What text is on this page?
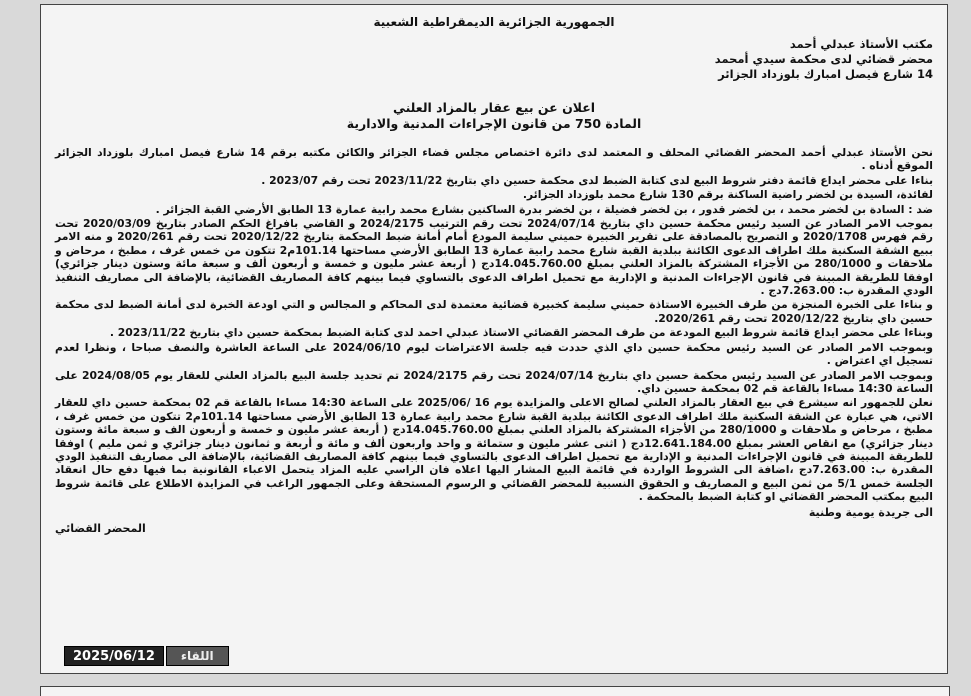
الجمهورية الجزائرية الديمقراطية الشعبية
مكتب الأستاذ عبدلي أحمد
محضر قضائي لدى محكمة سيدي أمحمد
14 شارع فيصل امبارك بلوزداد الجزائر
اعلان عن بيع عقار بالمزاد العلني
المادة 750 من قانون الإجراءات المدنية والادارية

نحن الأستاذ عبدلي أحمد المحضر القضائي المحلف و المعتمد لدى دائرة اختصاص مجلس قضاء الجزائر والكائن مكتبه برقم 14 شارع فيصل امبارك بلوزداد الجزائر الموقع أدناه .

بناءا على محضر ايداع قائمة دفتر شروط البيع لدى كتابة الضبط لدى محكمة حسين داي بتاريخ 2023/11/22 تحت رقم 2023/07 .

لفائدة، السيدة بن لخضر راضية الساكنة برقم 130 شارع محمد بلوزداد الجزائر.

ضد : السادة بن لخضر محمد ، بن لخضر قدور ، بن لخضر فضيلة ، بن لخضر بدرة الساكنين بشارع محمد رابية عمارة 13 الطابق الأرضي القبة الجزائر .

بموجب الامر الصادر عن السيد رئيس محكمة حسين داي بتاريخ 2024/07/14 تحت رقم الترتيب 2024/2175 و القاضي بافراغ الحكم الصادر بتاريخ 2020/03/09 تحت رقم فهرس 2020/1708 و التصريح بالمصادقة على تقرير الخبيرة حميني سليمة المودع أمام أمانة ضبط المحكمة بتاريخ 2020/12/22 تحت رقم 2020/261 و منه الامر ببيع الشقة السكنية ملك اطراف الدعوى الكائنة ببلدية القبة شارع محمد رابية عمارة 13 الطابق الأرضي مساحتها 101.14م2 تتكون من خمس غرف ، مطبخ ، مرحاض و ملاحقات و 280/1000 من الأجزاء المشتركة بالمزاد العلني بمبلغ 14.045.760.00دج ( أربعة عشر مليون و خمسة و أربعون ألف و سبعة مائة وستون دينار جزائري) اوفقا للطريقة المبينة في قانون الإجراءات المدنية و الإدارية مع تحميل اطراف الدعوى بالتساوي فيما بينهم كافة المصاريف القضائية، بالإضافة الى مصاريف التنفيذ الودي المقدرة ب: 7.263.00دج .

و بناءا على الخبرة المنجزة من طرف الخبيرة الاستاذة حميني سليمة كخبيرة قضائية معتمدة لدى المحاكم و المجالس و التي اودعة الخبرة لدى أمانة الضبط لدى محكمة حسين داي بتاريخ 2020/12/22 تحت رقم 2020/261.

وبناءا على محضر ايداع قائمة شروط البيع المودعة من طرف المحضر القضائي الاستاذ عبدلي احمد لدى كتابة الضبط بمحكمة حسين داي بتاريخ 2023/11/22 .

وبموجب الامر الصادر عن السيد رئيس محكمة حسين داي الذي حددت فيه جلسة الاعتراضات ليوم 2024/06/10 على الساعة العاشرة والنصف صباحا ، ونظرا لعدم تسجيل اي اعتراض .

وبموجب الامر الصادر عن السيد رئيس محكمة حسين داي بتاريخ 2024/07/14 تحت رقم 2024/2175 تم تحديد جلسة البيع بالمزاد العلني للعقار يوم 2024/08/05 على الساعة 14:30 مساءا بالقاعة قم 02 بمحكمة حسين داي.

نعلن للجمهور انه سيشرع في بيع العقار بالمزاد العلني لصالح الاعلى والمزايدة يوم 16 /2025/06 على الساعة 14:30 مساءا بالقاعة قم 02 بمحكمة حسين داي للعقار الاتي، هي عبارة عن الشقة السكنية ملك اطراف الدعوى الكائنة ببلدية القبة شارع محمد رابية عمارة 13 الطابق الأرضي مساحتها 101.14م2 تتكون من خمس غرف ، مطبخ ، مرحاض و ملاحقات و 280/1000 من الأجزاء المشتركة بالمزاد العلني بمبلغ 14.045.760.00دج ( أربعة عشر مليون و خمسة و أربعون الف و سبعة مائة وستون دينار جزائري) مع انقاص العشر بمبلغ 12.641.184.00دج ( اثنى عشر مليون و ستمائة و واحد واربعون ألف و مائة و أربعة و ثمانون دينار جزائري و ثمن مليم ) اوفقا للطريقة المبينة في قانون الإجراءات المدنية و الإدارية مع تحميل اطراف الدعوى بالتساوي فيما بينهم كافة المصاريف القضائية، بالإضافة الى مصاريف التنفيذ الودي المقدرة ب: 7.263.00دج ،اضافة الى الشروط الواردة في قائمة البيع المشار اليها اعلاه فان الراسي عليه المزاد يتحمل الاعباء القانونية بما فيها دفع حال انعقاد الجلسة خمس 5/1 من ثمن البيع و المصاريف و الحقوق النسبية للمحضر القضائي و الرسوم المستحقة وعلى الجمهور الراغب في المزايدة الاطلاع على قائمة شروط البيع بمكتب المحضر القضائي او كتابة الضبط بالمحكمة .

الى جريدة يومية وطنية
المحضر القضائي
2025/06/12	اللقاء
